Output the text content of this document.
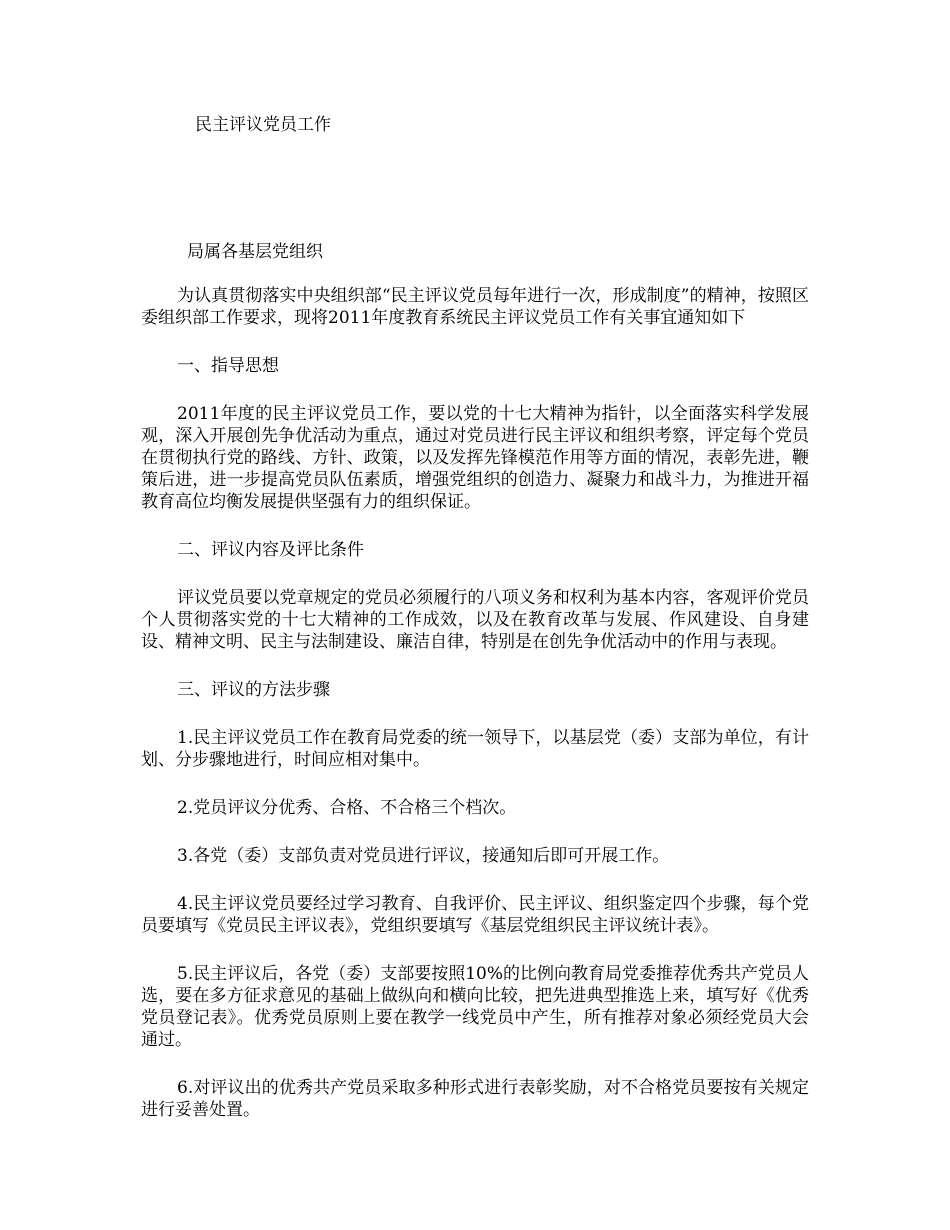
民主评议党员工作

局属各基层党组织

为认真贯彻落实中央组织部“民主评议党员每年进行一次，形成制度”的精神，按照区委组织部工作要求，现将2011年度教育系统民主评议党员工作有关事宜通知如下

一、指导思想

2011年度的民主评议党员工作，要以党的十七大精神为指针，以全面落实科学发展观，深入开展创先争优活动为重点，通过对党员进行民主评议和组织考察，评定每个党员在贯彻执行党的路线、方针、政策，以及发挥先锋模范作用等方面的情况，表彰先进，鞭策后进，进一步提高党员队伍素质，增强党组织的创造力、凝聚力和战斗力，为推进开福教育高位均衡发展提供坚强有力的组织保证。

二、评议内容及评比条件

评议党员要以党章规定的党员必须履行的八项义务和权利为基本内容，客观评价党员个人贯彻落实党的十七大精神的工作成效，以及在教育改革与发展、作风建设、自身建设、精神文明、民主与法制建设、廉洁自律，特别是在创先争优活动中的作用与表现。

三、评议的方法步骤

1.民主评议党员工作在教育局党委的统一领导下，以基层党（委）支部为单位，有计划、分步骤地进行，时间应相对集中。

2.党员评议分优秀、合格、不合格三个档次。

3.各党（委）支部负责对党员进行评议，接通知后即可开展工作。

4.民主评议党员要经过学习教育、自我评价、民主评议、组织鉴定四个步骤，每个党员要填写《党员民主评议表》，党组织要填写《基层党组织民主评议统计表》。

5.民主评议后，各党（委）支部要按照10%的比例向教育局党委推荐优秀共产党员人选，要在多方征求意见的基础上做纵向和横向比较，把先进典型推选上来，填写好《优秀党员登记表》。优秀党员原则上要在教学一线党员中产生，所有推荐对象必须经党员大会通过。

6.对评议出的优秀共产党员采取多种形式进行表彰奖励，对不合格党员要按有关规定进行妥善处置。
